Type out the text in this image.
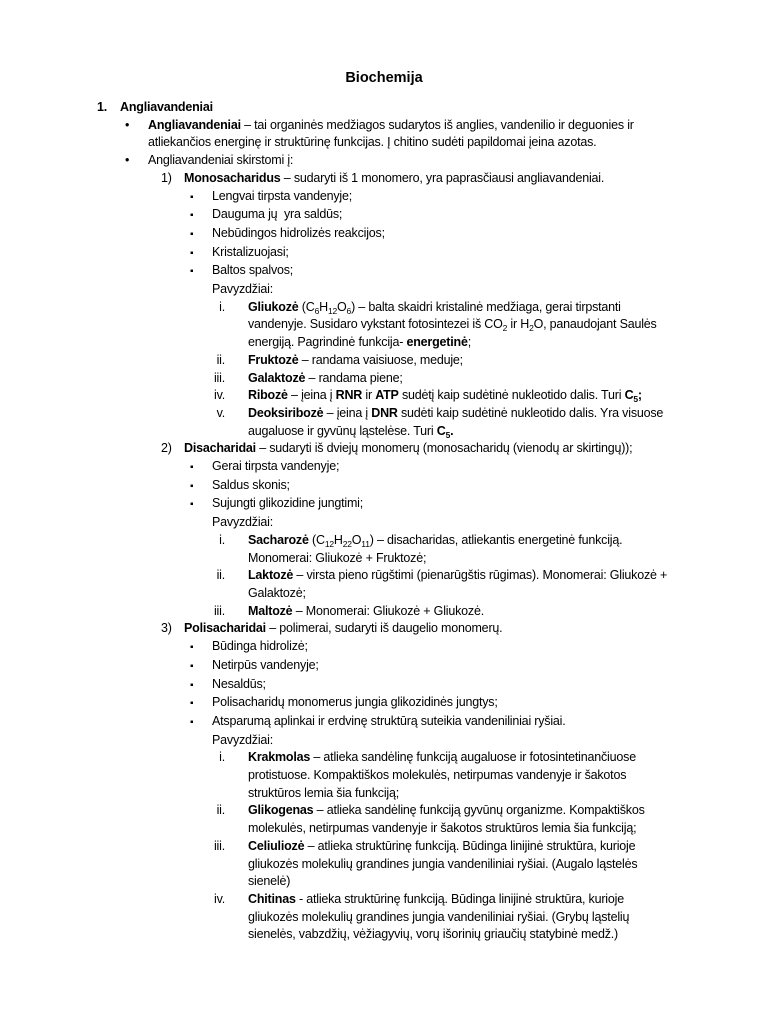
Biochemija
1.	Angliavandeniai
•	Angliavandeniai – tai organinės medžiagos sudarytos iš anglies, vandenilio ir deguonies ir atliekančios energinę ir struktūrinę funkcijas. Į chitino sudėti papildomai įeina azotas.
•	Angliavandeniai skirstomi į:
1) Monosacharidus – sudaryti iš 1 monomero, yra paprasčiausi angliavandeniai.
▪	Lengvai tirpsta vandenyje;
▪	Dauguma jų  yra saldūs;
▪	Nebūdingos hidrolizės reakcijos;
▪	Kristalizuojasi;
▪	Baltos spalvos;
Pavyzdžiai:
i. Gliukozė $(C_6H_{12}O_6)$ – balta skaidri kristalinė medžiaga, gerai tirpstanti vandenyje. Susidaro vykstant fotosintezei iš $CO_2$ ir $H_2O$, panaudojant Saulės energiją. Pagrindinė funkcija- energetinė;
ii. Fruktozė – randama vaisiuose, meduje;
iii. Galaktozė – randama piene;
iv. Ribozė – įeina į RNR ir ATP sudėtį kaip sudėtinė nukleotido dalis. Turi $C_5$;
v. Deoksiribozė – įeina į DNR sudėti kaip sudėtinė nukleotido dalis. Yra visuose augaluose ir gyvūnų ląstelėse. Turi $C_5$.
2) Disacharidai – sudaryti iš dviejų monomerų (monosacharidų (vienodų ar skirtingų));
▪	Gerai tirpsta vandenyje;
▪	Saldus skonis;
▪	Sujungti glikozidine jungtimi;
Pavyzdžiai:
i. Sacharozė $(C_{12}H_{22}O_{11})$ – disacharidas, atliekantis energetinė funkciją. Monomerai: Gliukozė + Fruktozė;
ii. Laktozė – virsta pieno rūgštimi (pienarūgštis rūgimas). Monomerai: Gliukozė + Galaktozė;
iii. Maltozė – Monomerai: Gliukozė + Gliukozė.
3) Polisacharidai – polimerai, sudaryti iš daugelio monomerų.
▪	Būdinga hidrolizė;
▪	Netirpūs vandenyje;
▪	Nesaldūs;
▪	Polisacharidų monomerus jungia glikozidinės jungtys;
▪	Atsparumą aplinkai ir erdvinę struktūrą suteikia vandeniliniai ryšiai.
Pavyzdžiai:
i. Krakmolas – atlieka sandėlinę funkciją augaluose ir fotosintetinančiuose protistuose. Kompaktiškos molekulės, netirpumas vandenyje ir šakotos struktūros lemia šia funkciją;
ii. Glikogenas – atlieka sandėlinę funkciją gyvūnų organizme. Kompaktiškos molekulės, netirpumas vandenyje ir šakotos struktūros lemia šia funkciją;
iii. Celiuliozė – atlieka struktūrinę funkciją. Būdinga linijinė struktūra, kurioje gliukozės molekulių grandines jungia vandeniliniai ryšiai. (Augalo ląstelės sienelė)
iv. Chitinas - atlieka struktūrinę funkciją. Būdinga linijinė struktūra, kurioje gliukozės molekulių grandines jungia vandeniliniai ryšiai. (Grybų ląstelių sienelės, vabzdžių, vėžiagyvių, vorų išorinių griaučių statybinė medž.)
